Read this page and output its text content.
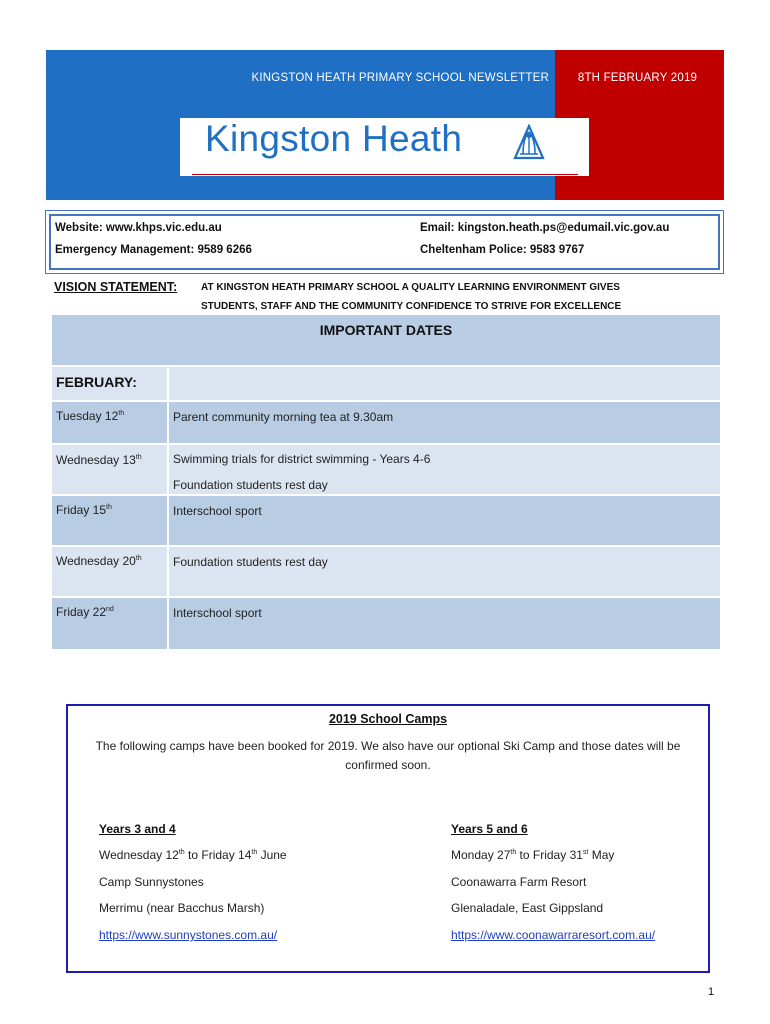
KINGSTON HEATH PRIMARY SCHOOL NEWSLETTER	8TH FEBRUARY 2019
Kingston Heath
PRIMARY SCHOOL
Website: www.khps.vic.edu.au	Email: kingston.heath.ps@edumail.vic.gov.au
Emergency Management: 9589 6266	Cheltenham Police: 9583 9767
VISION STATEMENT: AT KINGSTON HEATH PRIMARY SCHOOL A QUALITY LEARNING ENVIRONMENT GIVES
STUDENTS, STAFF AND THE COMMUNITY CONFIDENCE TO STRIVE FOR EXCELLENCE
IMPORTANT DATES	
FEBRUARY:	
Tuesday 12th	Parent community morning tea at 9.30am
Wednesday 13th	Swimming trials for district swimming - Years 4-6
Foundation students rest day

Friday 15th	Interschool sport
Wednesday 20th	Foundation students rest day
Friday 22nd	Interschool sport
2019 School Camps
The following camps have been booked for 2019. We also have our optional Ski Camp and those dates will be confirmed soon.
Years 3 and 4
Wednesday 12th to Friday 14th June
Camp Sunnystones
Merrimu (near Bacchus Marsh)
https://www.sunnystones.com.au/
Years 5 and 6
Monday 27th to Friday 31st May
Coonawarra Farm Resort
Glenaladale, East Gippsland
https://www.coonawarraresort.com.au/
1
